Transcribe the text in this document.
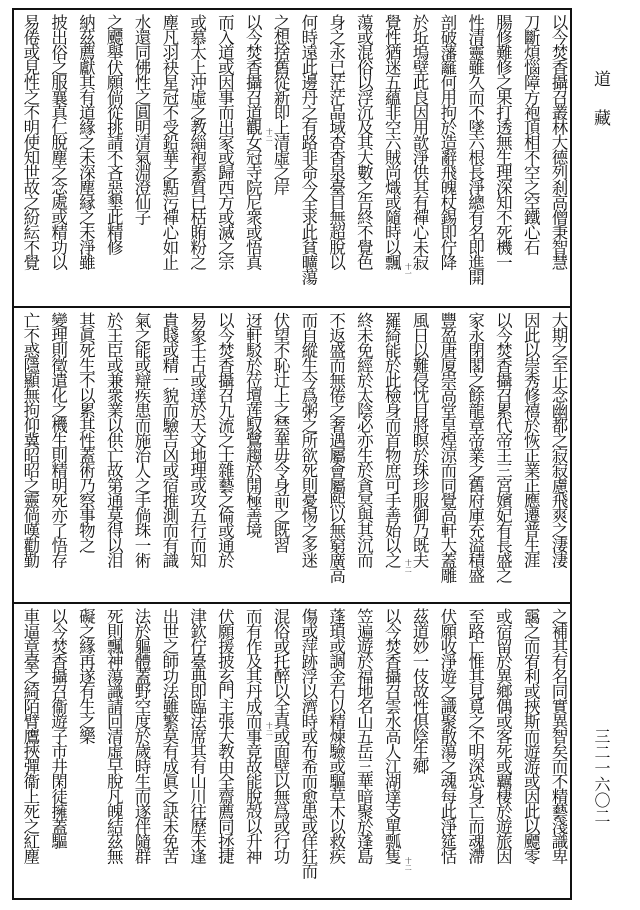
以今焚香攝召叢林大德列刹高僧秉智慧
刀斷煩惱障方袍頂相不空之空鐵心石
腸修難修之果打透無生理深知不死機一
性清靈雖久而不墜六根長淨總有名即進開
剖破藩籬何用拘於造辭飛魄杖錫即佇降
於坵塢壁此良因用歆淨供其有禪心未寂
覺性猶迷五蘊非空六賊尚熾或隨時以飄
蕩或混俗以浮沉及其大數之告終不覺色
身之永已茫茫晶域杳杳泉臺目無超脫以
何時遠此邊丹之有路非命今全求此貧曠蕩
之想捨舊從新即上清虛之岸
以今焚香攝召道觀女冠寺院尼衆或悟真
而入道或因事而出家或歸西方或滅之宗
或慕太上沖虛之教緇袍素質已枯賄粉之
塵凡羽袂星冠不受鉛華之點污禪心如止
水還同佛性之圓明清氣淵澄仙子
之飃舉伏願倘從挑請不吝惡墾此精修
納茲薦獻其有道緣之未深塵縁之未淨雖
披出俗之服襄真仁脫塵之念處或精功以
易倦或見性之不明使知世故之紛紜不覺
十一
十二
大期之至止念幽都之寂寂慮飛爽之淒淒
因此以崇秀修禧於恢正業正應遷普生涯
以今焚香攝召累代帝王三宮嬪妃有長盛之
家永閉閣之餘龍章帝業之舊府庫充溢積盛
豐盈唐厦崇高堂皇煌涼而同覺高軒大蓋雕
風日以難侵忱目將瞑於珠珍服御乃既夫
羅綺能於此檢身而首物庶可手善始以之
終未免經於太陰必亦生於貪冥與其沉而
不返盛而無倦之奢遇屬會屬熙以無窮廣高
而自縱生今爲粥之所欲死則憂惕之多迷
伏望不恥辻上之禁華毋令身前之既習
迓軒駁於莅壇莲馭鷺趨於開極善境
以今焚香攝召九流之士雜藝之倫或通於
易象壬占或達於天文地理或攻五行而知
貴賤或精一貌而驗吉凶或宿推測而有識
氣之能或辯疾患而施治人之手倘珠一術
於王臣或兼衆業以供亡故第通莫得以泪
其眞死生不以累其性蓋術乃察事物之
變理則徵遣化之機生則精明死亦了悟存
亡不惑隱顯無拘仰冀昭昭之靈倘嘆勸勤	十二
之補其有名同實異智矣而不精藝淺識卑
靄之而宥利或挾斯而遊游或因此以飃零
或宿留於異鄉偶或客死或覊棲於遊旅因
至路亡惟其見覓之不明深恐身亡而魂滯
伏願收淨遊之識聚散蕩之魂每此淨筵恬
茲道妙一伎故性俱陰生鄉
以今焚香攝召雲水高人江湖達支單瓢隻
笠遍遊於福地名山五岳三華暗聚於蓬島
蓬瑣或調金石以精煉驗或驅草木以救疾
傷或萍跡浮以濟時或布希而愈患或佯狂而
混俗或托醉以全真或面壁以無爲或行功
而有作及其丹成而事竟故能脫殻以升神
伏願援披玄門主張大教由全齋薦同拯捷
津欽佇臺典即臨法席其有山川往歷未逢
出世之師功法雖繁莫有成眞之訣未免苦
法於軀體蓋野空度於歲時生而遂伴隨群
死則飄神蕩識請回清虛早脫凡魄結茲無
礙之緣再遂有生之樂
以今焚香攝召衞遊子市井閑徒擁蓋驅
車逼章臺之綺陌臂鷹挾彈衞上死之紅塵
十二
十二
道藏
三二一六〇二
